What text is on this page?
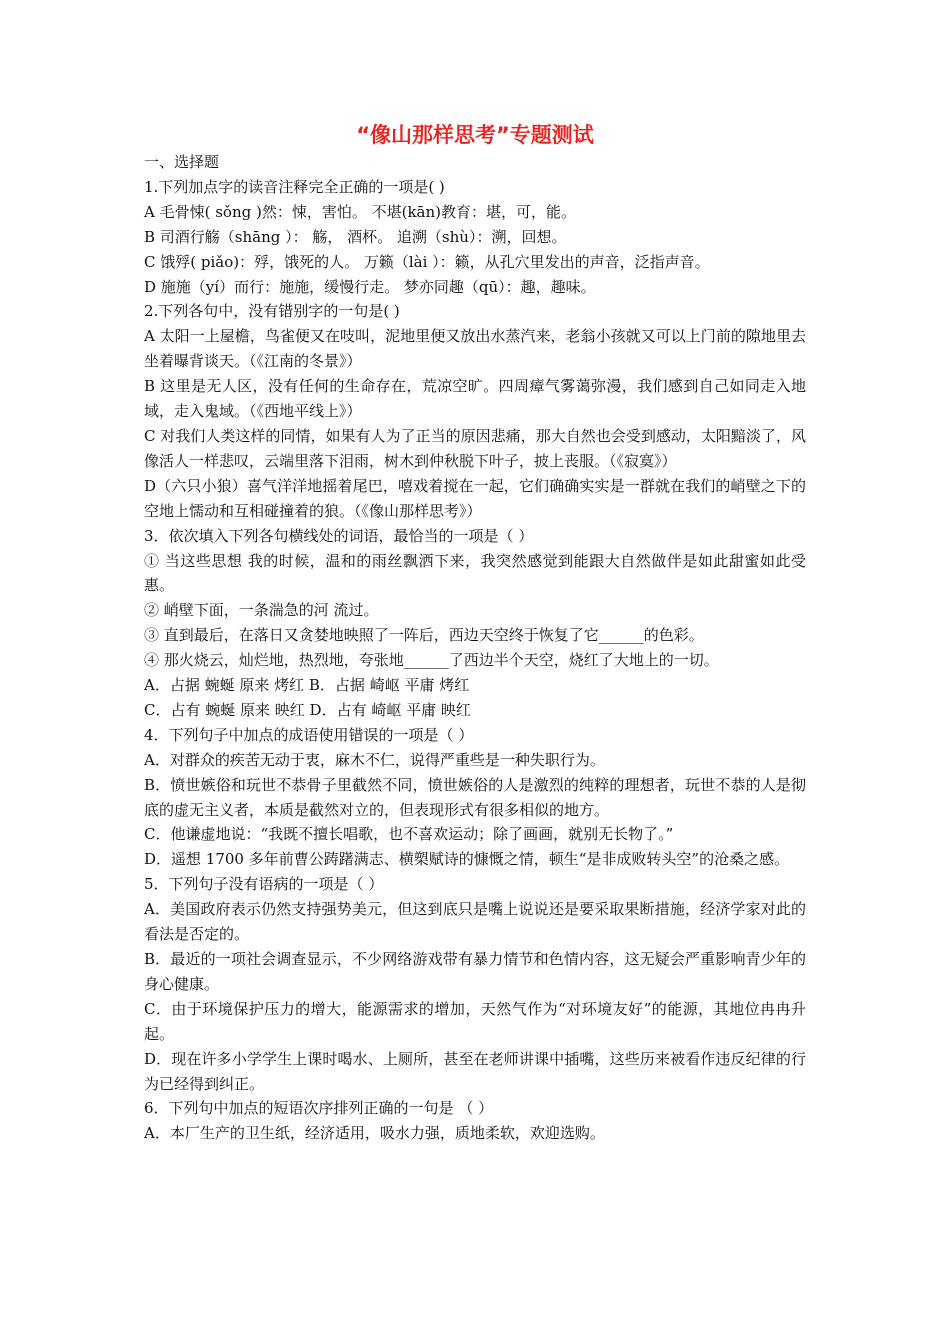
“像山那样思考”专题测试

一、选择题

1.下列加点字的读音注释完全正确的一项是( )

A 毛骨悚( sǒng )然：悚，害怕。 不堪(kān)教育：堪，可，能。

B 司酒行觞（shāng ）： 觞， 酒杯。 追溯（shù）：溯，回想。

C 饿殍( piǎo)：殍，饿死的人。 万籁（lài ）：籁，从孔穴里发出的声音，泛指声音。

D 施施（yí）而行：施施，缓慢行走。 梦亦同趣（qū）：趣，趣味。

2.下列各句中，没有错别字的一句是( )

A 太阳一上屋檐，鸟雀便又在吱叫，泥地里便又放出水蒸汽来，老翁小孩就又可以上门前的隙地里去坐着曝背谈天。（《江南的冬景》）

B 这里是无人区，没有任何的生命存在，荒凉空旷。四周瘴气雾蔼弥漫，我们感到自己如同走入地域，走入鬼域。（《西地平线上》）

C 对我们人类这样的同情，如果有人为了正当的原因悲痛，那大自然也会受到感动，太阳黯淡了，风像活人一样悲叹，云端里落下泪雨，树木到仲秋脱下叶子，披上丧服。（《寂寞》）

D（六只小狼）喜气洋洋地摇着尾巴，嘻戏着搅在一起，它们确确实实是一群就在我们的峭壁之下的空地上懦动和互相碰撞着的狼。（《像山那样思考》）

3．依次填入下列各句横线处的词语，最恰当的一项是（ ）

① 当这些思想 我的时候，温和的雨丝飘洒下来，我突然感觉到能跟大自然做伴是如此甜蜜如此受惠。

② 峭壁下面，一条湍急的河 流过。

③ 直到最后，在落日又贪婪地映照了一阵后，西边天空终于恢复了它______的色彩。

④ 那火烧云，灿烂地，热烈地，夸张地______了西边半个天空，烧红了大地上的一切。

A．占据 蜿蜒 原来 烤红 B．占据 崎岖 平庸 烤红

C．占有 蜿蜒 原来 映红 D．占有 崎岖 平庸 映红

4．下列句子中加点的成语使用错误的一项是（ ）

A．对群众的疾苦无动于衷，麻木不仁，说得严重些是一种失职行为。

B．愤世嫉俗和玩世不恭骨子里截然不同，愤世嫉俗的人是激烈的纯粹的理想者，玩世不恭的人是彻底的虚无主义者，本质是截然对立的，但表现形式有很多相似的地方。

C．他谦虚地说：“我既不擅长唱歌，也不喜欢运动；除了画画，就别无长物了。”

D．遥想 1700 多年前曹公踌躇满志、横槊赋诗的慷慨之情，顿生“是非成败转头空”的沧桑之感。

5．下列句子没有语病的一项是（ ）

A．美国政府表示仍然支持强势美元，但这到底只是嘴上说说还是要采取果断措施，经济学家对此的看法是否定的。

B．最近的一项社会调查显示，不少网络游戏带有暴力情节和色情内容，这无疑会严重影响青少年的身心健康。

C．由于环境保护压力的增大，能源需求的增加，天然气作为“对环境友好”的能源，其地位冉冉升起。

D．现在许多小学学生上课时喝水、上厕所，甚至在老师讲课中插嘴，这些历来被看作违反纪律的行为已经得到纠正。

6．下列句中加点的短语次序排列正确的一句是 （ ）

A．本厂生产的卫生纸，经济适用，吸水力强，质地柔软，欢迎选购。
